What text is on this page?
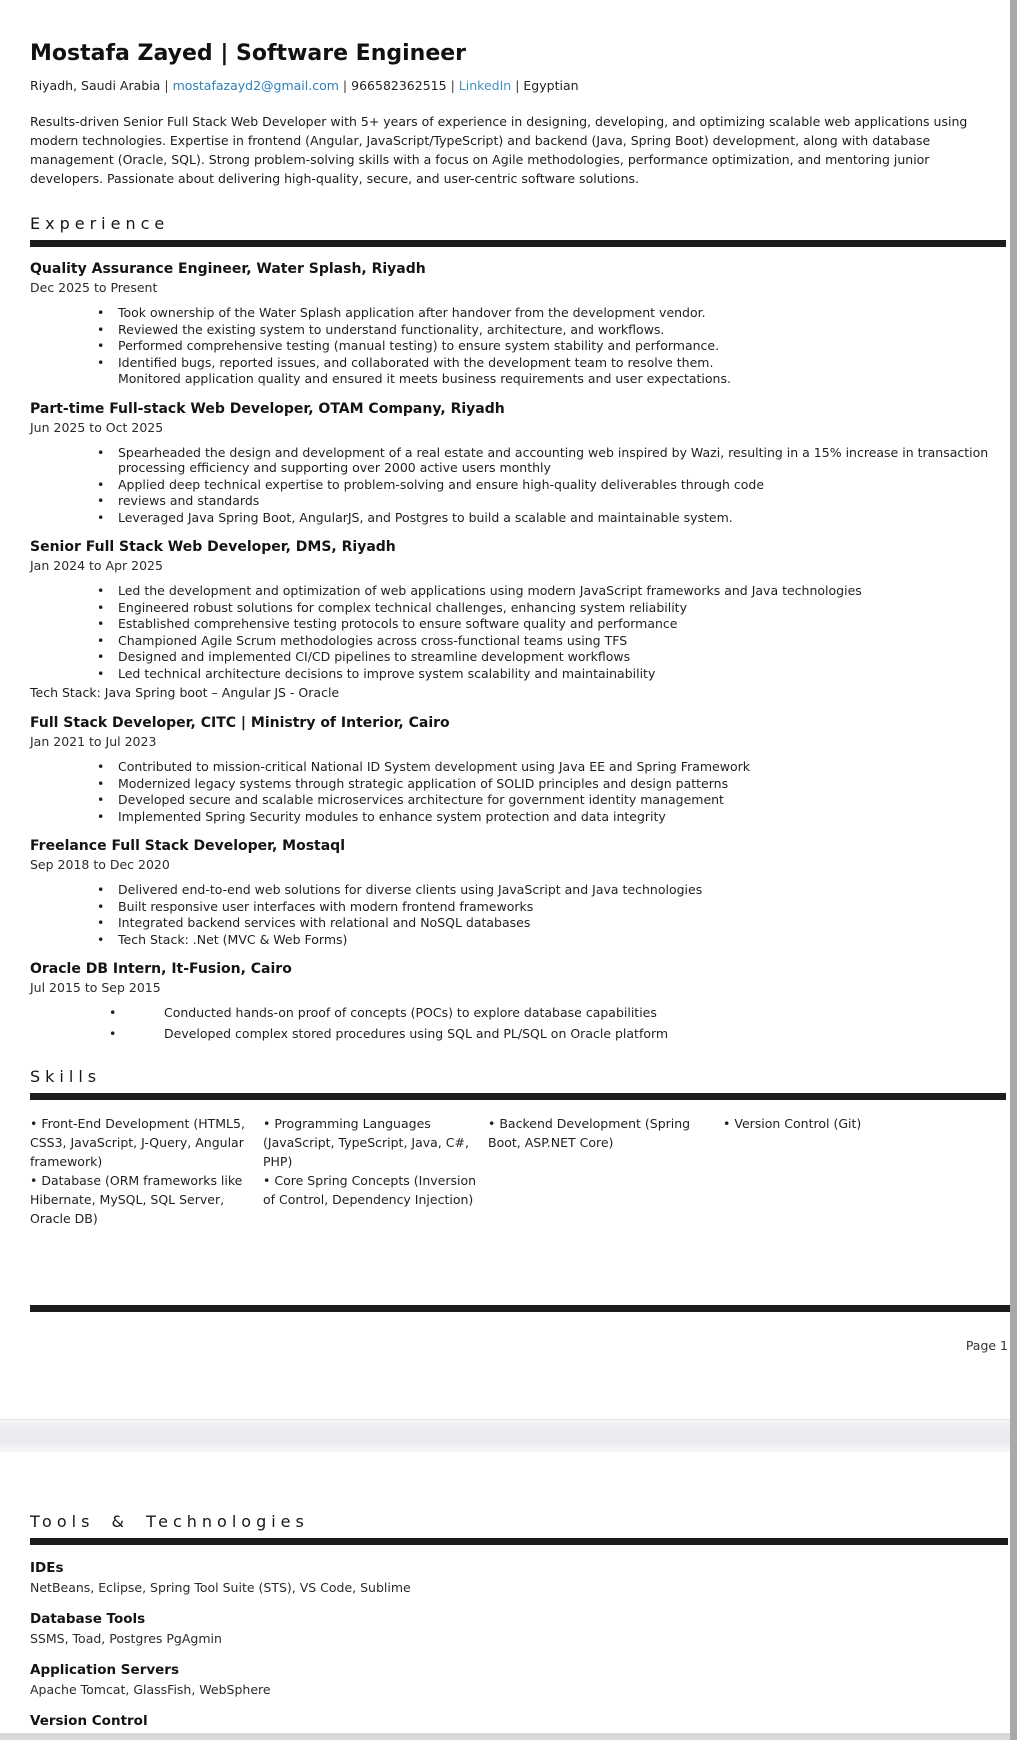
Mostafa Zayed | Software Engineer
Riyadh, Saudi Arabia | mostafazayd2@gmail.com | 966582362515 | LinkedIn | Egyptian
Results-driven Senior Full Stack Web Developer with 5+ years of experience in designing, developing, and optimizing scalable web applications using modern technologies. Expertise in frontend (Angular, JavaScript/TypeScript) and backend (Java, Spring Boot) development, along with database management (Oracle, SQL). Strong problem-solving skills with a focus on Agile methodologies, performance optimization, and mentoring junior developers. Passionate about delivering high-quality, secure, and user-centric software solutions.
Experience
Quality Assurance Engineer, Water Splash, Riyadh
Dec 2025 to Present
• Took ownership of the Water Splash application after handover from the development vendor.
• Reviewed the existing system to understand functionality, architecture, and workflows.
• Performed comprehensive testing (manual testing) to ensure system stability and performance.
• Identified bugs, reported issues, and collaborated with the development team to resolve them.
Monitored application quality and ensured it meets business requirements and user expectations.
Part-time Full-stack Web Developer, OTAM Company, Riyadh
Jun 2025 to Oct 2025
• Spearheaded the design and development of a real estate and accounting web inspired by Wazi, resulting in a 15% increase in transaction processing efficiency and supporting over 2000 active users monthly
• Applied deep technical expertise to problem-solving and ensure high-quality deliverables through code
• reviews and standards
• Leveraged Java Spring Boot, AngularJS, and Postgres to build a scalable and maintainable system.
Senior Full Stack Web Developer, DMS, Riyadh
Jan 2024 to Apr 2025
• Led the development and optimization of web applications using modern JavaScript frameworks and Java technologies
• Engineered robust solutions for complex technical challenges, enhancing system reliability
• Established comprehensive testing protocols to ensure software quality and performance
• Championed Agile Scrum methodologies across cross-functional teams using TFS
• Designed and implemented CI/CD pipelines to streamline development workflows
• Led technical architecture decisions to improve system scalability and maintainability
Tech Stack: Java Spring boot – Angular JS - Oracle
Full Stack Developer, CITC | Ministry of Interior, Cairo
Jan 2021 to Jul 2023
• Contributed to mission-critical National ID System development using Java EE and Spring Framework
• Modernized legacy systems through strategic application of SOLID principles and design patterns
• Developed secure and scalable microservices architecture for government identity management
• Implemented Spring Security modules to enhance system protection and data integrity
Freelance Full Stack Developer, Mostaql
Sep 2018 to Dec 2020
• Delivered end-to-end web solutions for diverse clients using JavaScript and Java technologies
• Built responsive user interfaces with modern frontend frameworks
• Integrated backend services with relational and NoSQL databases
• Tech Stack: .Net (MVC & Web Forms)
Oracle DB Intern, It-Fusion, Cairo
Jul 2015 to Sep 2015
• Conducted hands-on proof of concepts (POCs) to explore database capabilities
• Developed complex stored procedures using SQL and PL/SQL on Oracle platform
Skills
• Front-End Development (HTML5, CSS3, JavaScript, J-Query, Angular framework)
• Database (ORM frameworks like Hibernate, MySQL, SQL Server, Oracle DB)
• Programming Languages (JavaScript, TypeScript, Java, C#, PHP)
• Core Spring Concepts (Inversion of Control, Dependency Injection)
• Backend Development (Spring Boot, ASP.NET Core)
• Version Control (Git)
Page 1
Tools & Technologies
IDEs
NetBeans, Eclipse, Spring Tool Suite (STS), VS Code, Sublime
Database Tools
SSMS, Toad, Postgres PgAgmin
Application Servers
Apache Tomcat, GlassFish, WebSphere
Version Control
